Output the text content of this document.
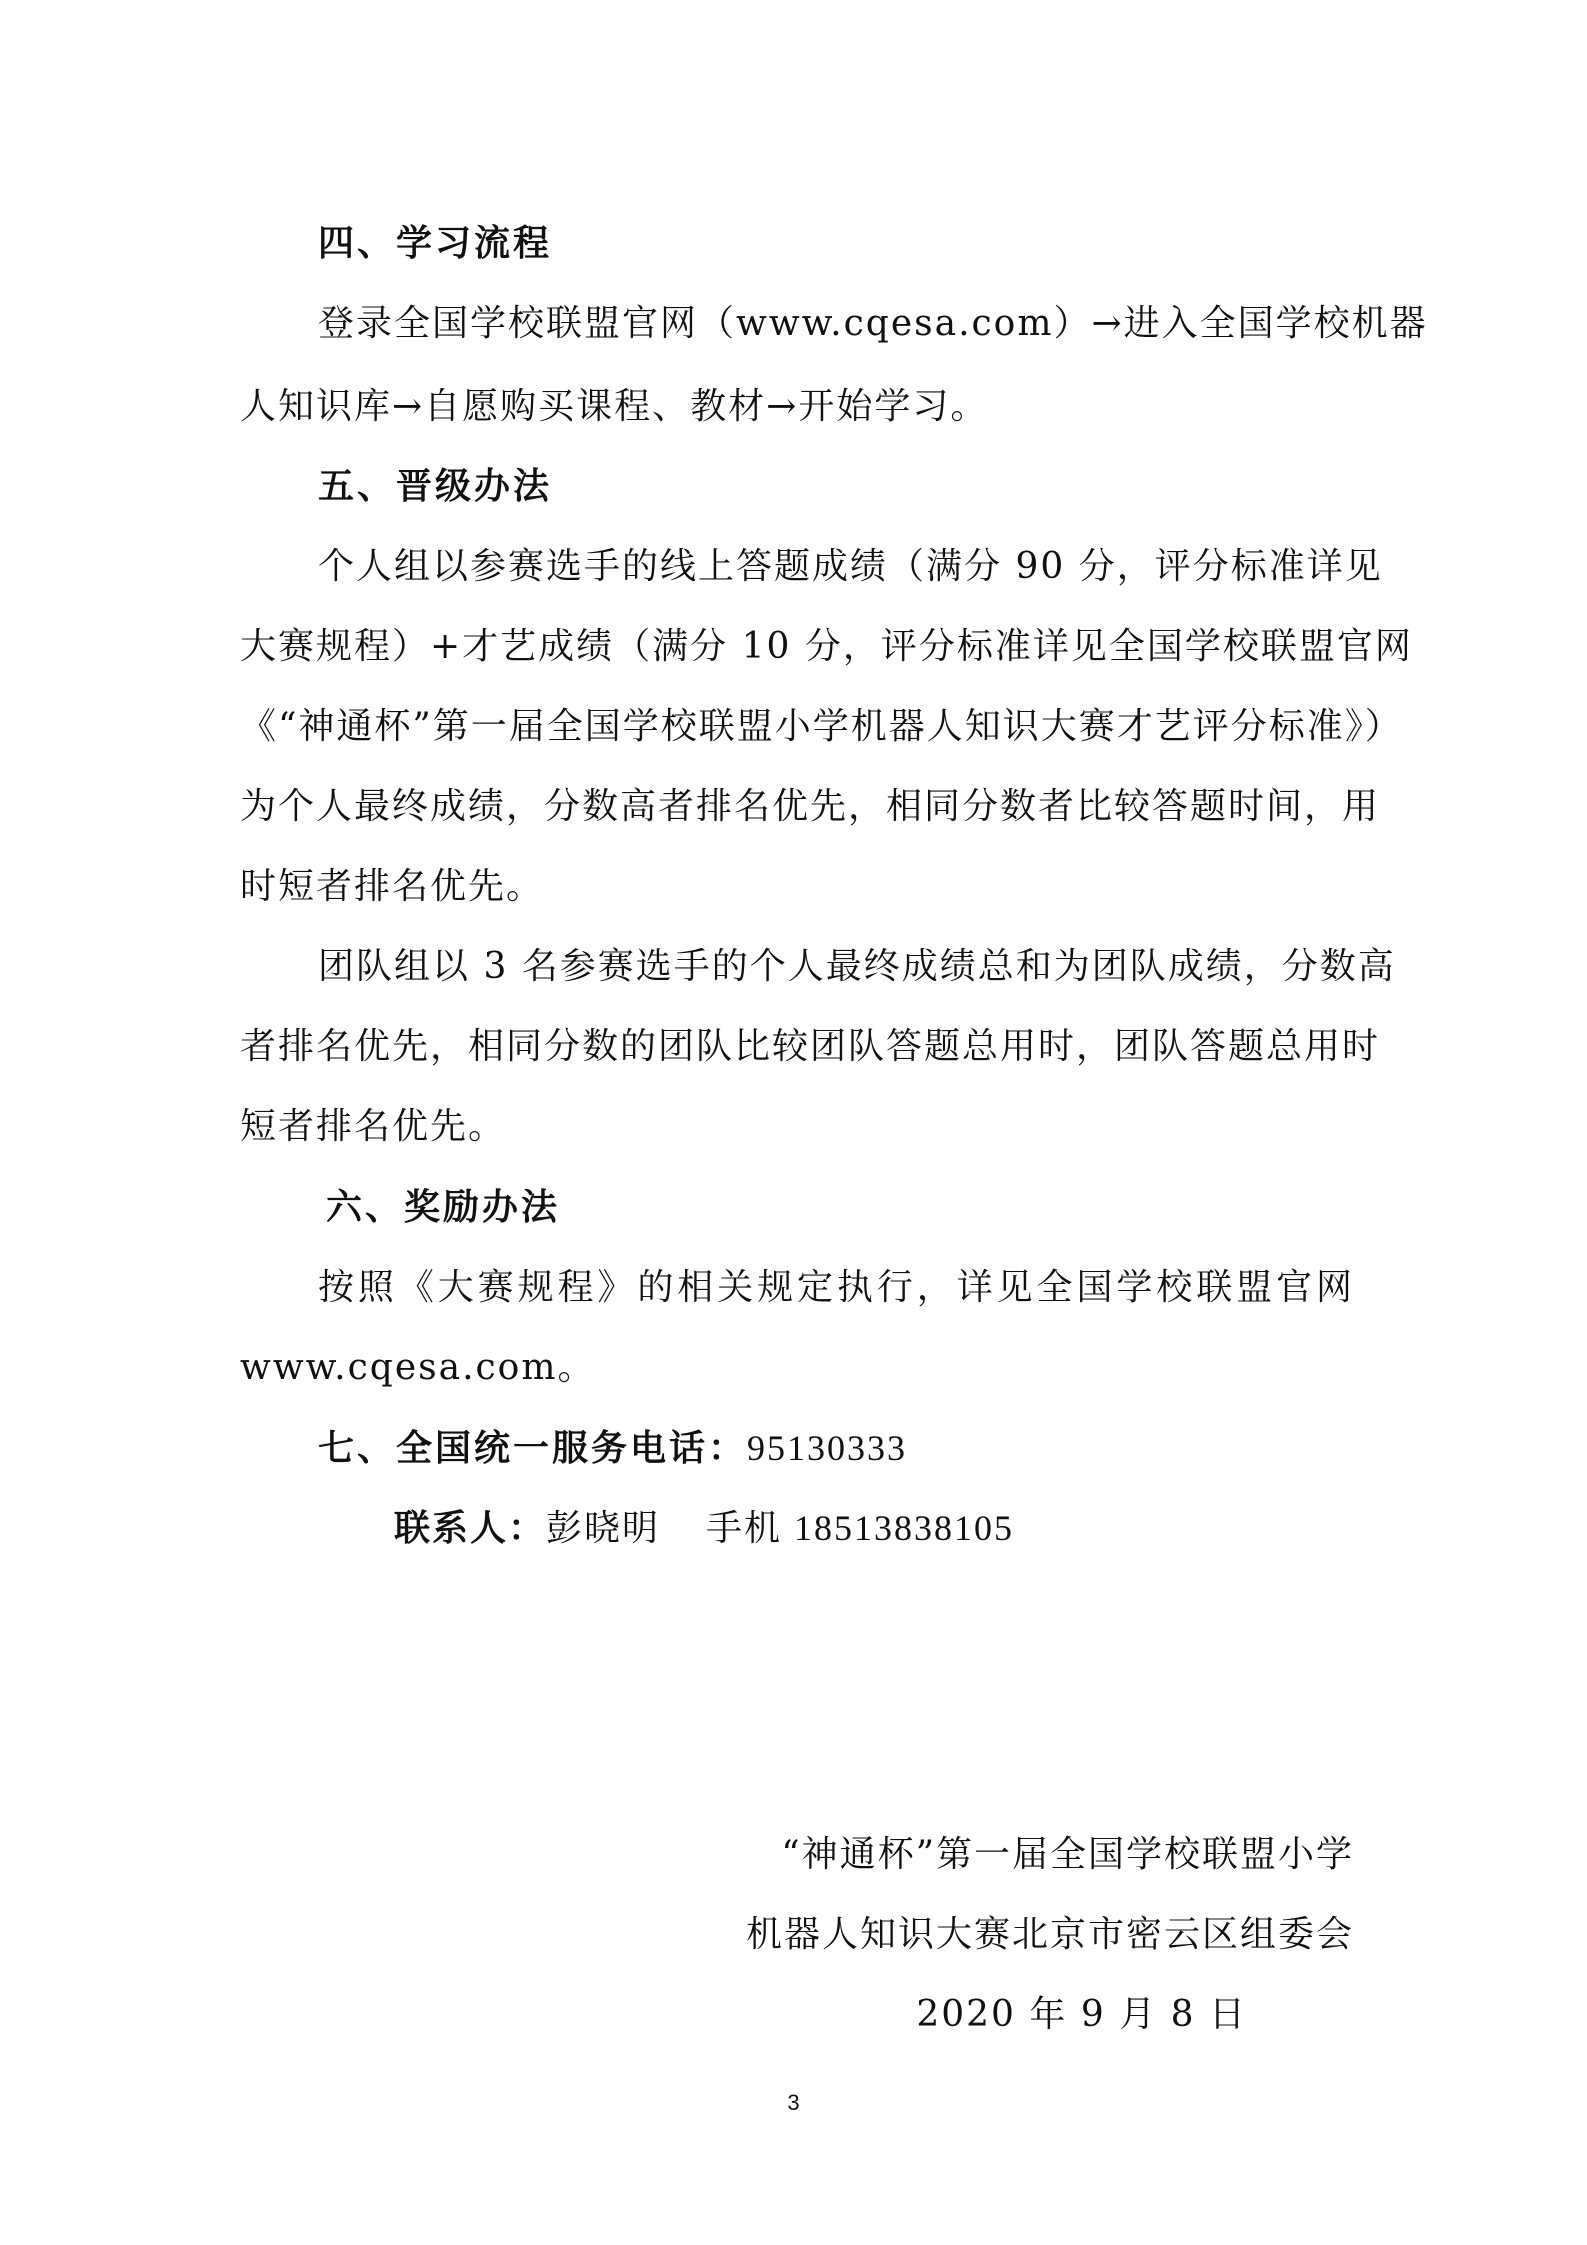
四、学习流程

登录全国学校联盟官网（www.cqesa.com）→进入全国学校机器

人知识库→自愿购买课程、教材→开始学习。

五、晋级办法

个人组以参赛选手的线上答题成绩（满分 90 分，评分标准详见

大赛规程）+才艺成绩（满分 10 分，评分标准详见全国学校联盟官网

《“神通杯”第一届全国学校联盟小学机器人知识大赛才艺评分标准》）

为个人最终成绩，分数高者排名优先，相同分数者比较答题时间，用

时短者排名优先。

团队组以 3 名参赛选手的个人最终成绩总和为团队成绩，分数高

者排名优先，相同分数的团队比较团队答题总用时，团队答题总用时

短者排名优先。

六、奖励办法

按照《大赛规程》的相关规定执行，详见全国学校联盟官网

www.cqesa.com。

七、全国统一服务电话：95130333

联系人：彭晓明 手机 18513838105

“神通杯”第一届全国学校联盟小学

机器人知识大赛北京市密云区组委会

2020 年 9 月 8 日

3
